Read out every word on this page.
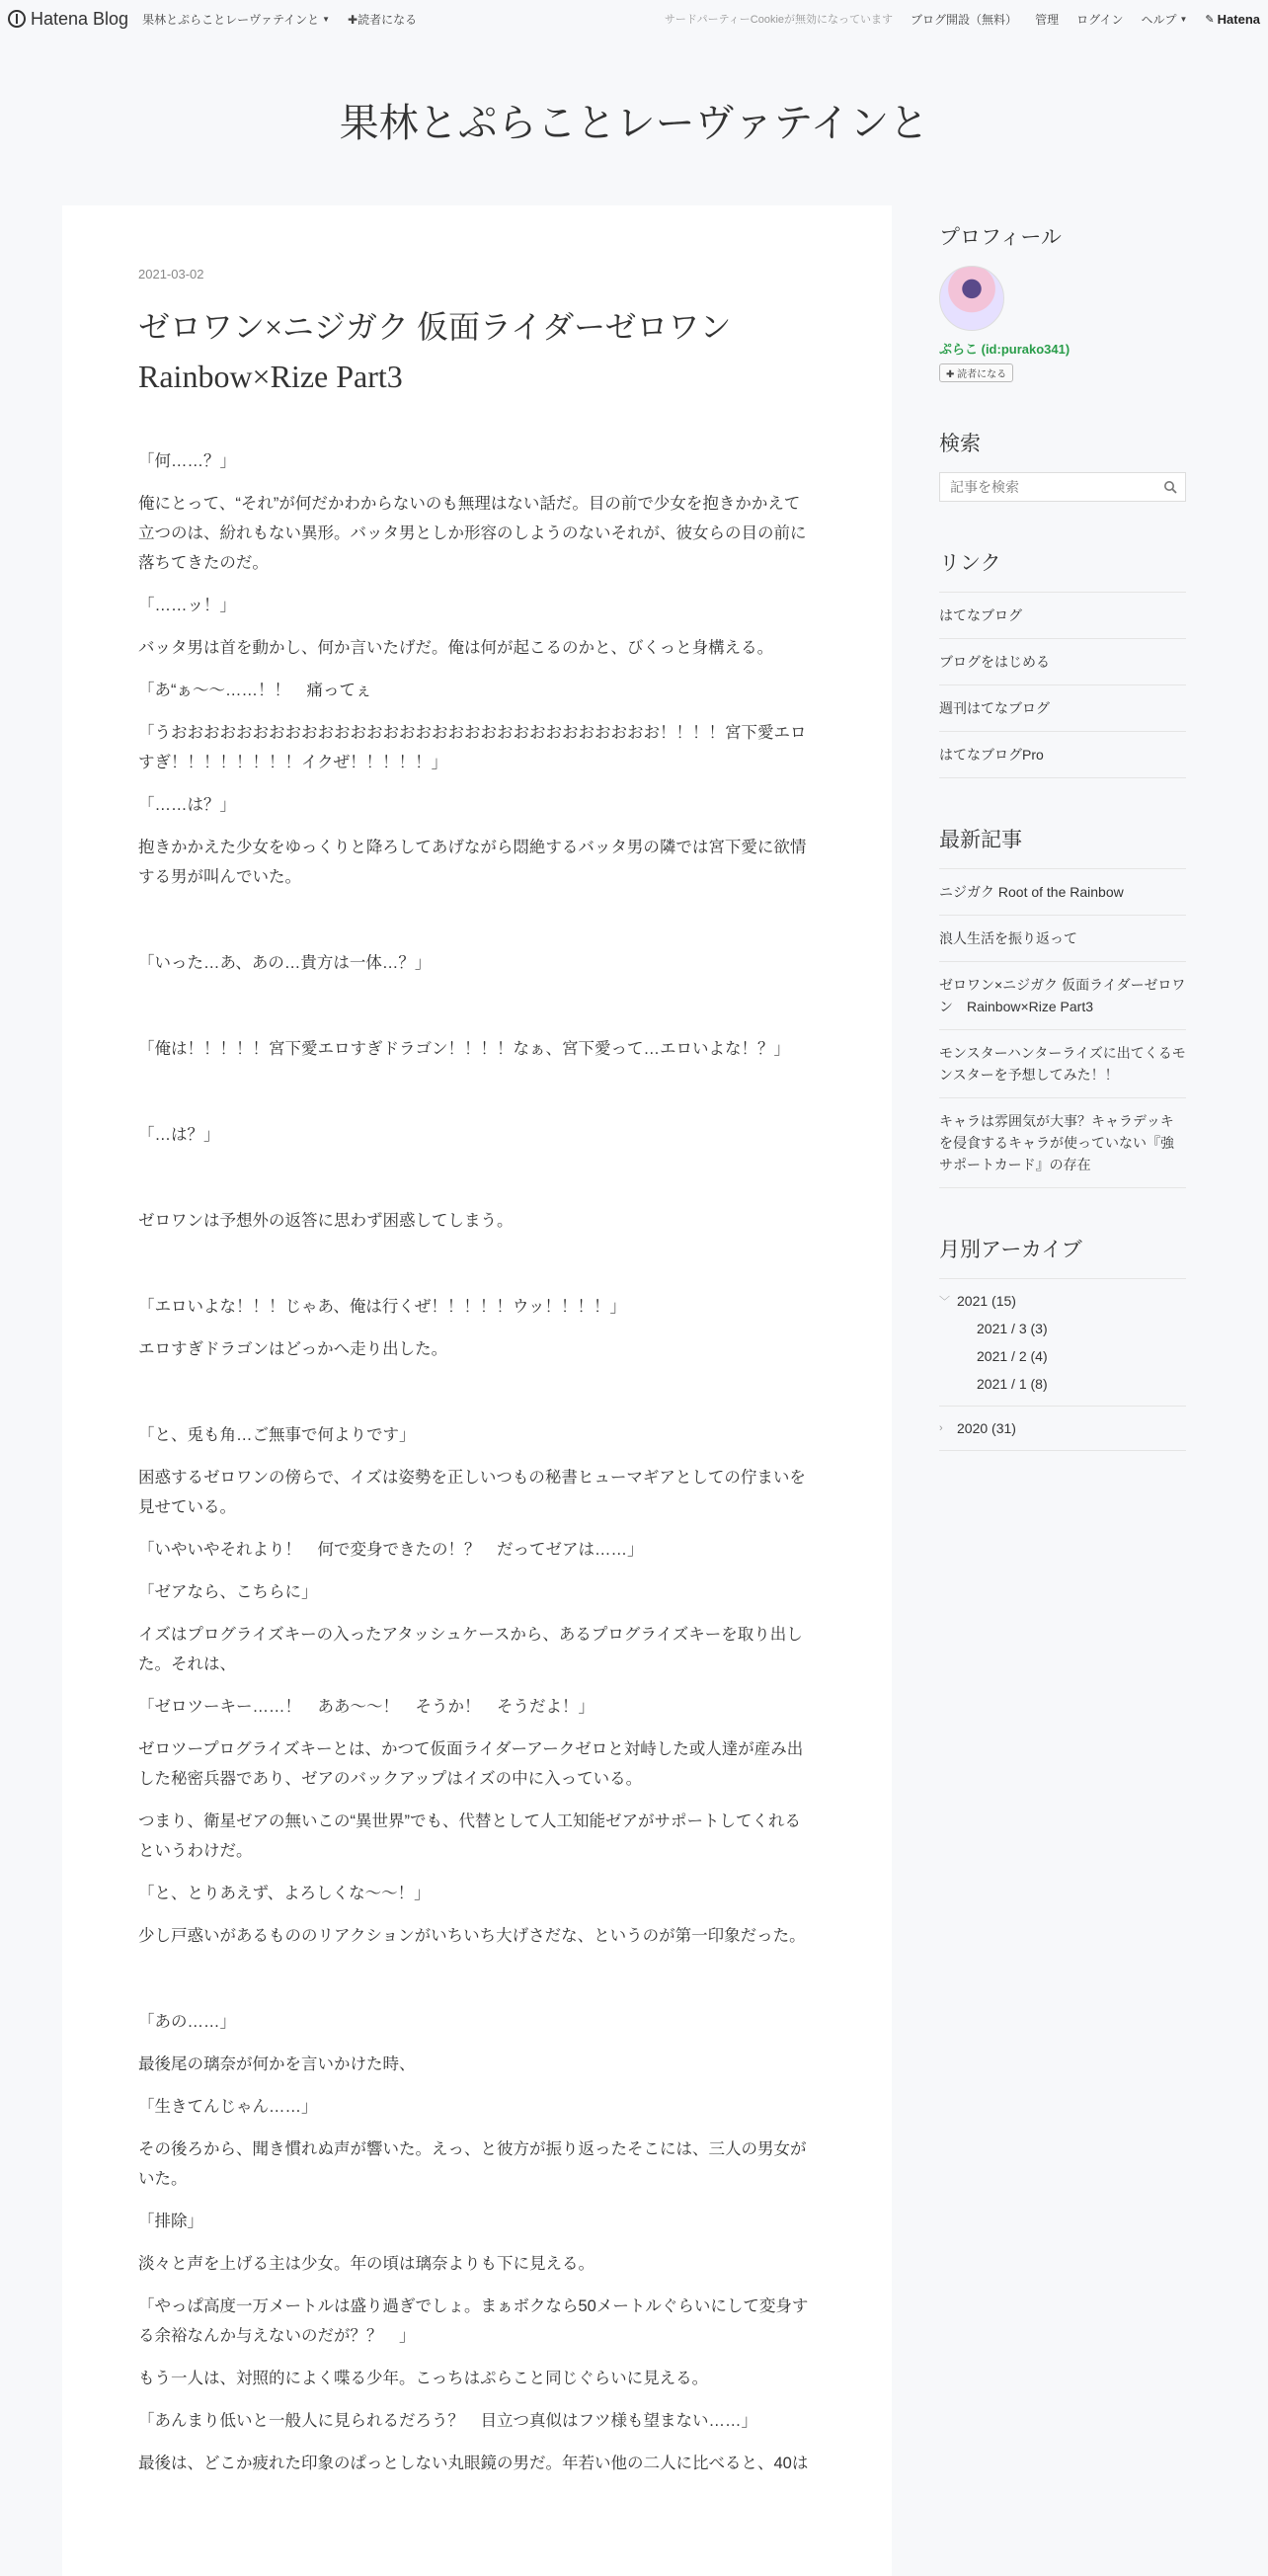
Hatena Blog 果林とぷらことレーヴァテインと ▼ ✚読者になる	サードパーティーCookieが無効になっています ブログ開設（無料） 管理 ログイン ヘルプ ▼ ✎ Hatena
果林とぷらことレーヴァテインと

2021-03-02

ゼロワン×ニジガク 仮面ライダーゼロワン Rainbow×Rize Part3

「何……？」

俺にとって、“それ”が何だかわからないのも無理はない話だ。目の前で少女を抱きかかえて立つのは、紛れもない異形。バッタ男としか形容のしようのないそれが、彼女らの目の前に落ちてきたのだ。

「……ッ！」

バッタ男は首を動かし、何か言いたげだ。俺は何が起こるのかと、びくっと身構える。

「あ“ぁ～～……！！　痛ってぇ

「うおおおおおおおおおおおおおおおおおおおおおおおおおおおおおお！！！！宮下愛エロすぎ！！！！！！！！イクぜ！！！！！」

「……は？」

抱きかかえた少女をゆっくりと降ろしてあげながら悶絶するバッタ男の隣では宮下愛に欲情する男が叫んでいた。

「いった…あ、あの…貴方は一体…？」

「俺は！！！！！宮下愛エロすぎドラゴン！！！！なぁ、宮下愛って…エロいよな！？」

「…は？」

ゼロワンは予想外の返答に思わず困惑してしまう。

「エロいよな！！！じゃあ、俺は行くぜ！！！！！ウッ！！！！」

エロすぎドラゴンはどっかへ走り出した。

「と、兎も角…ご無事で何よりです」

困惑するゼロワンの傍らで、イズは姿勢を正しいつもの秘書ヒューマギアとしての佇まいを見せている。

「いやいやそれより！　何で変身できたの！？　だってゼアは……」

「ゼアなら、こちらに」

イズはプログライズキーの入ったアタッシュケースから、あるプログライズキーを取り出した。それは、

「ゼロツーキー……！　ああ～～！　そうか！　そうだよ！」

ゼロツープログライズキーとは、かつて仮面ライダーアークゼロと対峙した或人達が産み出した秘密兵器であり、ゼアのバックアップはイズの中に入っている。

つまり、衛星ゼアの無いこの“異世界”でも、代替として人工知能ゼアがサポートしてくれるというわけだ。

「と、とりあえず、よろしくな～～！」

少し戸惑いがあるもののリアクションがいちいち大げさだな、というのが第一印象だった。

「あの……」

最後尾の璃奈が何かを言いかけた時、

「生きてんじゃん……」

その後ろから、聞き慣れぬ声が響いた。えっ、と彼方が振り返ったそこには、三人の男女がいた。

「排除」

淡々と声を上げる主は少女。年の頃は璃奈よりも下に見える。

「やっぱ高度一万メートルは盛り過ぎでしょ。まぁボクなら50メートルぐらいにして変身する余裕なんか与えないのだが？？　」

もう一人は、対照的によく喋る少年。こっちはぷらこと同じぐらいに見える。

「あんまり低いと一般人に見られるだろう？　目立つ真似はフツ様も望まない……」

最後は、どこか疲れた印象のぱっとしない丸眼鏡の男だ。年若い他の二人に比べると、40は

プロフィール
ぷらこ (id:purako341)
✚ 読者になる
検索
記事を検索
リンク
はてなブログ
ブログをはじめる
週刊はてなブログ
はてなブログPro
最新記事
ニジガク Root of the Rainbow
浪人生活を振り返って
ゼロワン×ニジガク 仮面ライダーゼロワン　Rainbow×Rize Part3
モンスターハンターライズに出てくるモンスターを予想してみた！！
キャラは雰囲気が大事？キャラデッキを侵食するキャラが使っていない『強サポートカード』の存在
月別アーカイブ
﹀ 2021 (15)
2021 / 3 (3)
2021 / 2 (4)
2021 / 1 (8)
›	2020 (31)
